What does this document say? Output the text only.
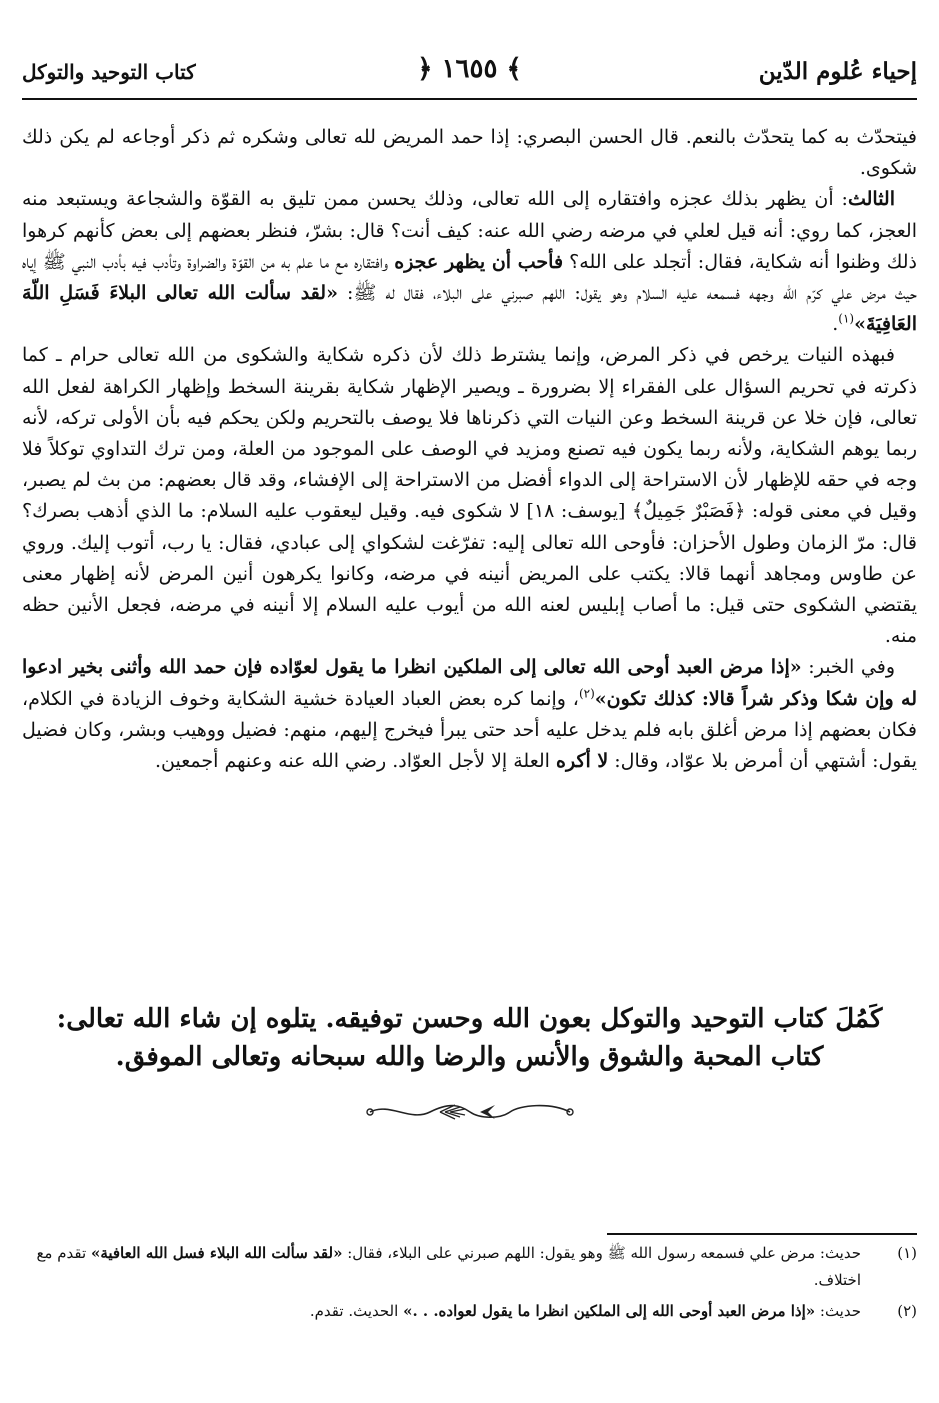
إحياء عُلوم الدّين
﴿ ١٦٥٥ ﴾
كتاب التوحيد والتوكل

فيتحدّث به كما يتحدّث بالنعم. قال الحسن البصري: إذا حمد المريض لله تعالى وشكره ثم ذكر أوجاعه لم يكن ذلك شكوى.

الثالث: أن يظهر بذلك عجزه وافتقاره إلى الله تعالى، وذلك يحسن ممن تليق به القوّة والشجاعة ويستبعد منه العجز، كما روي: أنه قيل لعلي في مرضه رضي الله عنه: كيف أنت؟ قال: بشرّ، فنظر بعضهم إلى بعض كأنهم كرهوا ذلك وظنوا أنه شكاية، فقال: أتجلد على الله؟ فأحب أن يظهر عجزه وافتقاره مع ما علم به من القوّة والضراوة وتأدب فيه بأدب النبي ﷺ إياه حيث مرض علي كرّم الله وجهه فسمعه عليه السلام وهو يقول: اللهم صبرني على البلاء، فقال له ﷺ: «لقد سألت الله تعالى البلاءَ فَسَلِ اللّهَ العَافِيَةَ»$^{(١)}$.

فبهذه النيات يرخص في ذكر المرض، وإنما يشترط ذلك لأن ذكره شكاية والشكوى من الله تعالى حرام ـ كما ذكرته في تحريم السؤال على الفقراء إلا بضرورة ـ ويصير الإظهار شكاية بقرينة السخط وإظهار الكراهة لفعل الله تعالى، فإن خلا عن قرينة السخط وعن النيات التي ذكرناها فلا يوصف بالتحريم ولكن يحكم فيه بأن الأولى تركه، لأنه ربما يوهم الشكاية، ولأنه ربما يكون فيه تصنع ومزيد في الوصف على الموجود من العلة، ومن ترك التداوي توكلاً فلا وجه في حقه للإظهار لأن الاستراحة إلى الدواء أفضل من الاستراحة إلى الإفشاء، وقد قال بعضهم: من بث لم يصبر، وقيل في معنى قوله: ﴿فَصَبْرٌ جَمِيلٌ﴾ [يوسف: ١٨] لا شكوى فيه. وقيل ليعقوب عليه السلام: ما الذي أذهب بصرك؟ قال: مرّ الزمان وطول الأحزان: فأوحى الله تعالى إليه: تفرّغت لشكواي إلى عبادي، فقال: يا رب، أتوب إليك. وروي عن طاوس ومجاهد أنهما قالا: يكتب على المريض أنينه في مرضه، وكانوا يكرهون أنين المرض لأنه إظهار معنى يقتضي الشكوى حتى قيل: ما أصاب إبليس لعنه الله من أيوب عليه السلام إلا أنينه في مرضه، فجعل الأنين حظه منه.

وفي الخبر: «إذا مرض العبد أوحى الله تعالى إلى الملكين انظرا ما يقول لعوّاده فإن حمد الله وأثنى بخير ادعوا له وإن شكا وذكر شراً قالا: كذلك تكون»$^{(٢)}$، وإنما كره بعض العباد العيادة خشية الشكاية وخوف الزيادة في الكلام، فكان بعضهم إذا مرض أغلق بابه فلم يدخل عليه أحد حتى يبرأ فيخرج إليهم، منهم: فضيل ووهيب وبشر، وكان فضيل يقول: أشتهي أن أمرض بلا عوّاد، وقال: لا أكره العلة إلا لأجل العوّاد. رضي الله عنه وعنهم أجمعين.

كَمُلَ كتاب التوحيد والتوكل بعون الله وحسن توفيقه. يتلوه إن شاء الله تعالى:
كتاب المحبة والشوق والأنس والرضا والله سبحانه وتعالى الموفق.
(١)
حديث: مرض علي فسمعه رسول الله ﷺ وهو يقول: اللهم صبرني على البلاء، فقال: «لقد سألت الله البلاء فسل الله العافية» تقدم مع اختلاف.
(٢)
حديث: «إذا مرض العبد أوحى الله إلى الملكين انظرا ما يقول لعواده. . .» الحديث. تقدم.
